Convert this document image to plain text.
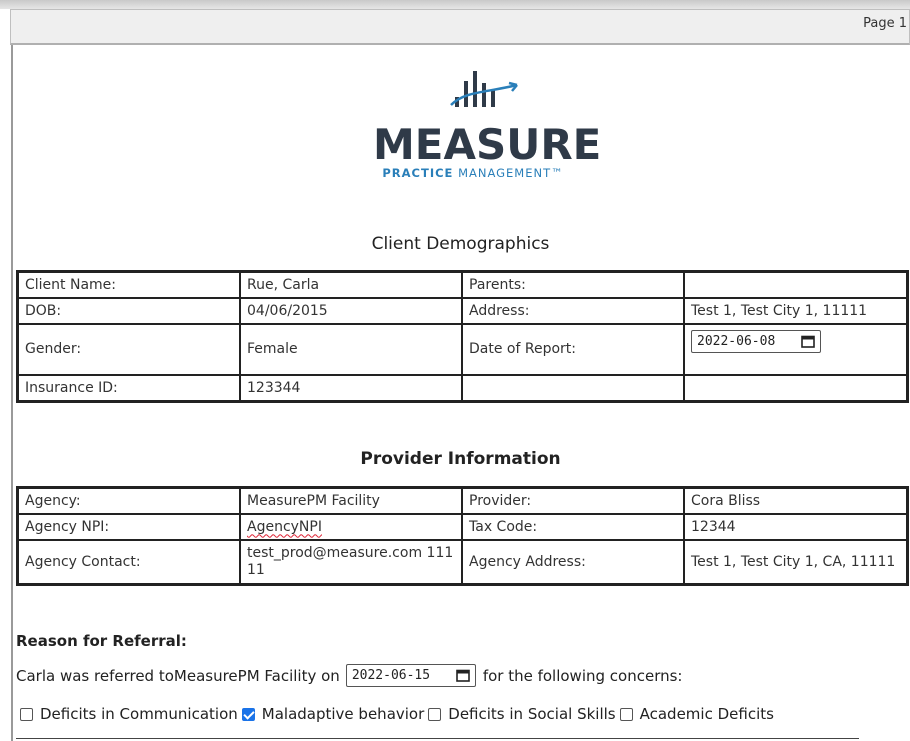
Page 1
MEASURE
PRACTICE MANAGEMENT™
Client Demographics
Client Name:	Rue, Carla	Parents:	
DOB:	04/06/2015	Address:	Test 1, Test City 1, 11111
Gender:	Female	Date of Report:	2022-06-08

Insurance ID:	123344		
Provider Information
Agency:	MeasurePM Facility	Provider:	Cora Bliss
Agency NPI:	AgencyNPI	Tax Code:	12344
Agency Contact:	test_prod@measure.com 11111	Agency Address:	Test 1, Test City 1, CA, 11111
Reason for Referral:
Carla was referred toMeasurePM Facility on 2022-06-15	for the following concerns:
Deficits in Communication Maladaptive behavior Deficits in Social Skills Academic Deficits
